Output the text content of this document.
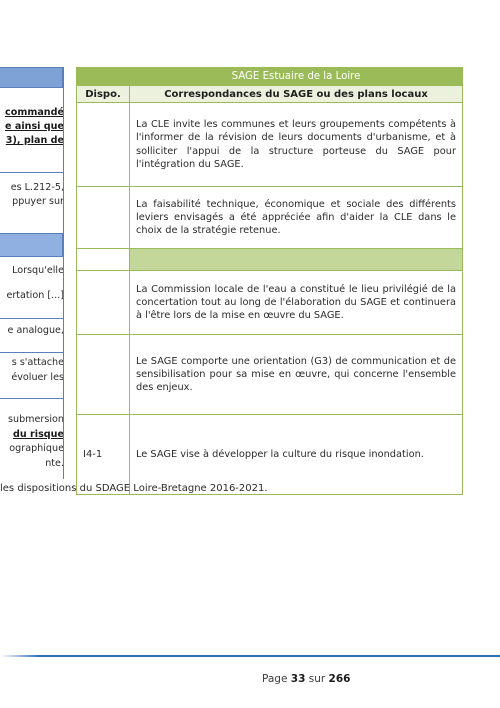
commandé
e ainsi que
3), plan de
es L.212-5,
ppuyer sur
Lorsqu'elle
ertation [...]
e analogue,
s s'attache
évoluer les
submersion
du risque
ographique
nte.
	SAGE Estuaire de la Loire
Dispo.	Correspondances du SAGE ou des plans locaux
	La CLE invite les communes et leurs groupements compétents à l'informer de la révision de leurs documents d'urbanisme, et à solliciter l'appui de la structure porteuse du SAGE pour l'intégration du SAGE.
	La faisabilité technique, économique et sociale des différents leviers envisagés a été appréciée afin d'aider la CLE dans le choix de la stratégie retenue.

	La Commission locale de l'eau a constitué le lieu privilégié de la concertation tout au long de l'élaboration du SAGE et continuera à l'être lors de la mise en œuvre du SAGE.
	Le SAGE comporte une orientation (G3) de communication et de sensibilisation pour sa mise en œuvre, qui concerne l'ensemble des enjeux.
I4-1	Le SAGE vise à développer la culture du risque inondation.
les dispositions du SDAGE Loire-Bretagne 2016-2021.
Page 33 sur 266
